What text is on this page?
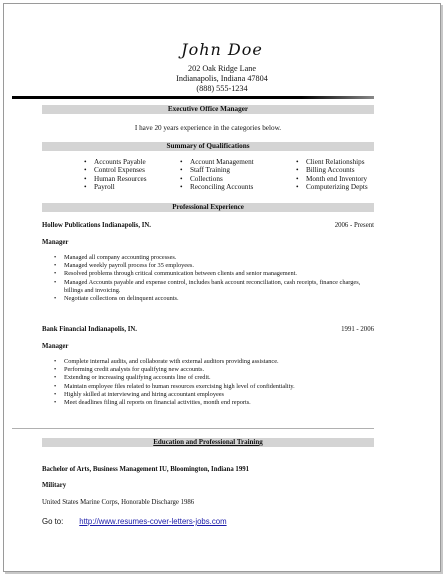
John Doe
202 Oak Ridge Lane
Indianapolis, Indiana 47804
(888) 555-1234
Executive Office Manager
I have 20 years experience in the categories below.
Summary of Qualifications
• Accounts Payable
• Control Expenses
• Human Resources
• Payroll
• Account Management
• Staff Training
• Collections
• Reconciling Accounts
• Client Relationships
• Billing Accounts
• Month end Inventory
• Computerizing Depts
Professional Experience
Hollow Publications Indianapolis, IN.	2006 - Present
Manager
• Managed all company accounting processes.
• Managed weekly payroll process for 35 employees.
• Resolved problems through critical communication between clients and senior management.
• Managed Accounts payable and expense control, includes bank account reconciliation, cash receipts, finance charges, billings and invoicing.
• Negotiate collections on delinquent accounts.
Bank Financial Indianapolis, IN.	1991 - 2006
Manager
• Complete internal audits, and collaborate with external auditors providing assistance.
• Performing credit analysts for qualifying new accounts.
• Extending or increasing qualifying accounts line of credit.
• Maintain employee files related to human resources exercising high level of confidentiality.
• Highly skilled at interviewing and hiring accountant employees
• Meet deadlines filing all reports on financial activities, month end reports.
Education and Professional Training
Bachelor of Arts, Business Management IU, Bloomington, Indiana 1991
Military
United States Marine Corps, Honorable Discharge 1986
Go to: http://www.resumes-cover-letters-jobs.com
